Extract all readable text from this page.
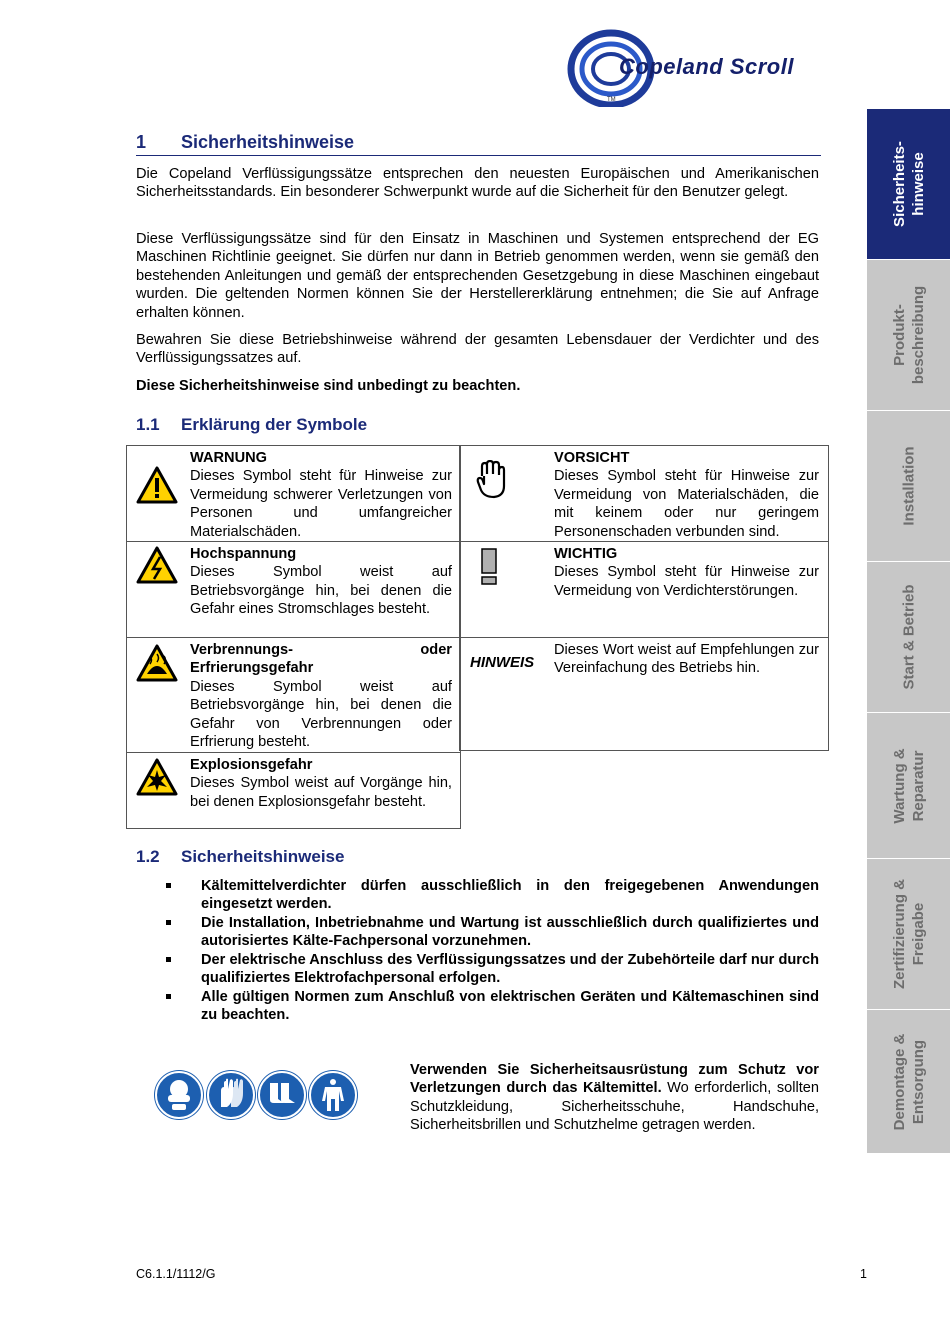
Copeland Scroll
TM
Sicherheits-
hinweise
Produkt-
beschreibung
Installation
Start & Betrieb
Wartung &
Reparatur
Zertifizierung &
Freigabe
Demontage &
Entsorgung
1 Sicherheitshinweise

Die Copeland Verflüssigungssätze entsprechen den neuesten Europäischen und Amerikanischen Sicherheitsstandards. Ein besonderer Schwerpunkt wurde auf die Sicherheit für den Benutzer gelegt.

Diese Verflüssigungssätze sind für den Einsatz in Maschinen und Systemen entsprechend der EG Maschinen Richtlinie geeignet. Sie dürfen nur dann in Betrieb genommen werden, wenn sie gemäß den bestehenden Anleitungen und gemäß der entsprechenden Gesetzgebung in diese Maschinen eingebaut wurden. Die geltenden Normen können Sie der Herstellererklärung entnehmen; die Sie auf Anfrage erhalten können.

Bewahren Sie diese Betriebshinweise während der gesamten Lebensdauer der Verdichter und des Verflüssigungssatzes auf.

Diese Sicherheitshinweise sind unbedingt zu beachten.

1.1 Erklärung der Symbole
WARNUNG
Dieses Symbol steht für Hinweise zur Vermeidung schwerer Verletzungen von Personen und umfangreicher Materialschäden.
Hochspannung
Dieses Symbol weist auf Betriebsvorgänge hin, bei denen die Gefahr eines Stromschlages besteht.
Verbrennungs- oder Erfrierungsgefahr
Dieses Symbol weist auf Betriebsvorgänge hin, bei denen die Gefahr von Verbrennungen oder Erfrierung besteht.
Explosionsgefahr
Dieses Symbol weist auf Vorgänge hin, bei denen Explosionsgefahr besteht.
VORSICHT
Dieses Symbol steht für Hinweise zur Vermeidung von Materialschäden, die mit keinem oder nur geringem Personenschaden verbunden sind.
WICHTIG
Dieses Symbol steht für Hinweise zur Vermeidung von Verdichterstörungen.
HINWEIS
Dieses Wort weist auf Empfehlungen zur Vereinfachung des Betriebs hin.
1.2 Sicherheitshinweise
Kältemittelverdichter dürfen ausschließlich in den freigegebenen Anwendungen eingesetzt werden.
Die Installation, Inbetriebnahme und Wartung ist ausschließlich durch qualifiziertes und autorisiertes Kälte-Fachpersonal vorzunehmen.
Der elektrische Anschluss des Verflüssigungssatzes und der Zubehörteile darf nur durch qualifiziertes Elektrofachpersonal erfolgen.
Alle gültigen Normen zum Anschluß von elektrischen Geräten und Kältemaschinen sind zu beachten.
Verwenden Sie Sicherheitsausrüstung zum Schutz vor Verletzungen durch das Kältemittel. Wo erforderlich, sollten Schutzkleidung, Sicherheitsschuhe, Handschuhe, Sicherheitsbrillen und Schutzhelme getragen werden.
C6.1.1/1112/G	1
